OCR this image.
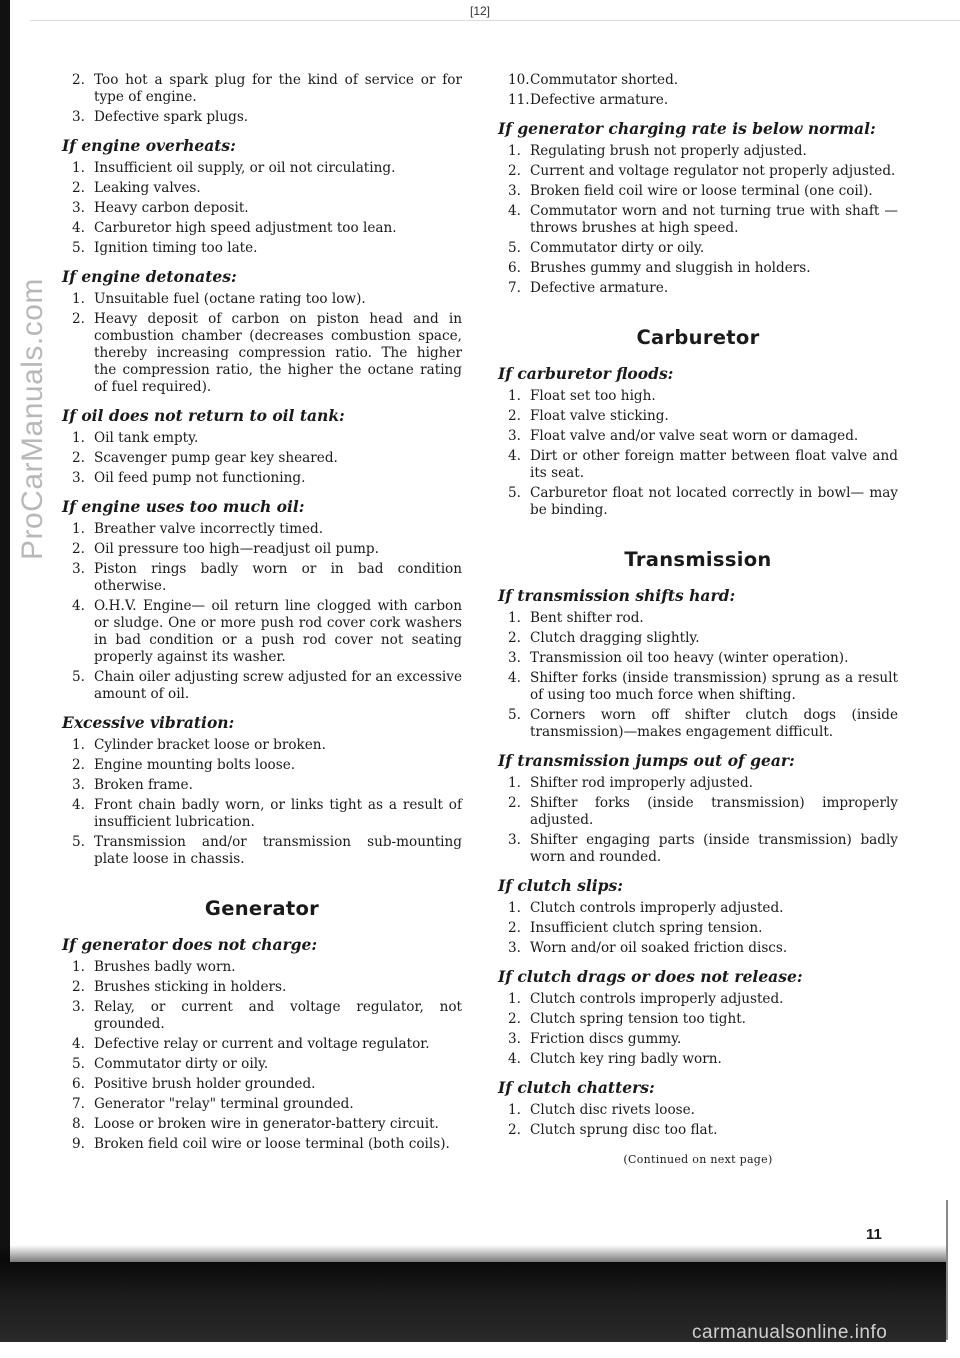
ProCarManuals.com
[12]
2. Too hot a spark plug for the kind of service or for type of engine.
3. Defective spark plugs.
If engine overheats:
1. Insufficient oil supply, or oil not circulating.
2. Leaking valves.
3. Heavy carbon deposit.
4. Carburetor high speed adjustment too lean.
5. Ignition timing too late.
If engine detonates:
1. Unsuitable fuel (octane rating too low).
2. Heavy deposit of carbon on piston head and in combustion chamber (decreases combustion space, thereby increasing compression ratio. The higher the compression ratio, the higher the octane rating of fuel required).
If oil does not return to oil tank:
1. Oil tank empty.
2. Scavenger pump gear key sheared.
3. Oil feed pump not functioning.
If engine uses too much oil:
1. Breather valve incorrectly timed.
2. Oil pressure too high—readjust oil pump.
3. Piston rings badly worn or in bad condition otherwise.
4. O.H.V. Engine— oil return line clogged with carbon or sludge. One or more push rod cover cork washers in bad condition or a push rod cover not seating properly against its washer.
5. Chain oiler adjusting screw adjusted for an excessive amount of oil.
Excessive vibration:
1. Cylinder bracket loose or broken.
2. Engine mounting bolts loose.
3. Broken frame.
4. Front chain badly worn, or links tight as a result of insufficient lubrication.
5. Transmission and/or transmission sub-mounting plate loose in chassis.
Generator
If generator does not charge:
1. Brushes badly worn.
2. Brushes sticking in holders.
3. Relay, or current and voltage regulator, not grounded.
4. Defective relay or current and voltage regulator.
5. Commutator dirty or oily.
6. Positive brush holder grounded.
7. Generator "relay" terminal grounded.
8. Loose or broken wire in generator-battery circuit.
9. Broken field coil wire or loose terminal (both coils).
10. Commutator shorted.
11. Defective armature.
If generator charging rate is below normal:
1. Regulating brush not properly adjusted.
2. Current and voltage regulator not properly adjusted.
3. Broken field coil wire or loose terminal (one coil).
4. Commutator worn and not turning true with shaft —throws brushes at high speed.
5. Commutator dirty or oily.
6. Brushes gummy and sluggish in holders.
7. Defective armature.
Carburetor
If carburetor floods:
1. Float set too high.
2. Float valve sticking.
3. Float valve and/or valve seat worn or damaged.
4. Dirt or other foreign matter between float valve and its seat.
5. Carburetor float not located correctly in bowl— may be binding.
Transmission
If transmission shifts hard:
1. Bent shifter rod.
2. Clutch dragging slightly.
3. Transmission oil too heavy (winter operation).
4. Shifter forks (inside transmission) sprung as a result of using too much force when shifting.
5. Corners worn off shifter clutch dogs (inside transmission)—makes engagement difficult.
If transmission jumps out of gear:
1. Shifter rod improperly adjusted.
2. Shifter forks (inside transmission) improperly adjusted.
3. Shifter engaging parts (inside transmission) badly worn and rounded.
If clutch slips:
1. Clutch controls improperly adjusted.
2. Insufficient clutch spring tension.
3. Worn and/or oil soaked friction discs.
If clutch drags or does not release:
1. Clutch controls improperly adjusted.
2. Clutch spring tension too tight.
3. Friction discs gummy.
4. Clutch key ring badly worn.
If clutch chatters:
1. Clutch disc rivets loose.
2. Clutch sprung disc too flat.
(Continued on next page)
11
carmanualsonline.info
